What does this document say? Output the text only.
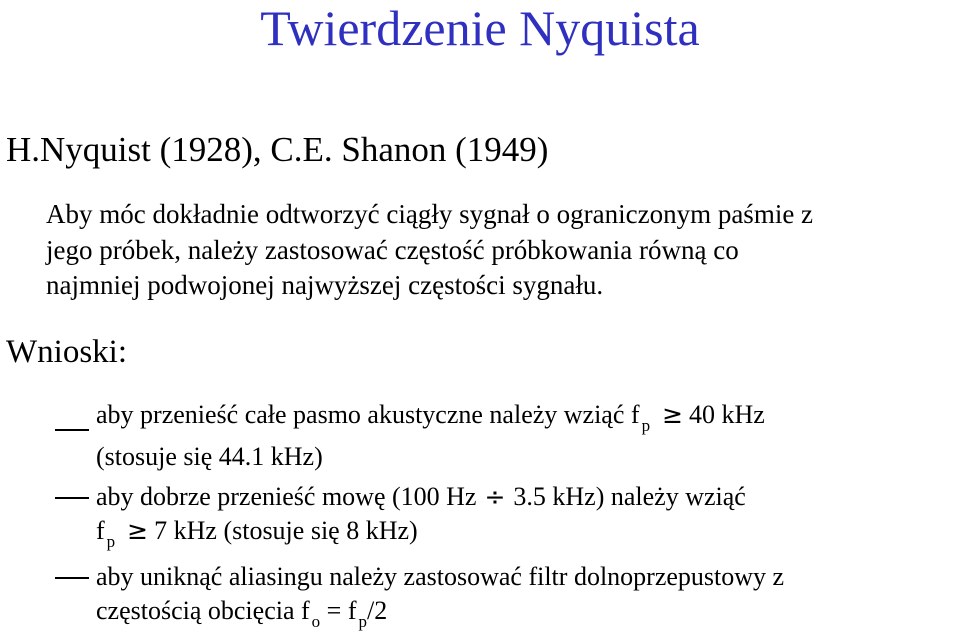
Twierdzenie Nyquista
H.Nyquist (1928), C.E. Shanon (1949)
Aby móc dokładnie odtworzyć ciągły sygnał o ograniczonym paśmie z
jego próbek, należy zastosować częstość próbkowania równą co
najmniej podwojonej najwyższej częstości sygnału.
Wnioski:
aby przenieść całe pasmo akustyczne należy wziąć f $_p$ ≥ 40 kHz
(stosuje się 44.1 kHz)
aby dobrze przenieść mowę (100 Hz ÷ 3.5 kHz) należy wziąć
f $_p$ ≥ 7 kHz (stosuje się 8 kHz)
aby uniknąć aliasingu należy zastosować filtr dolnoprzepustowy z
częstością obcięcia f $_o$ = f $_p$/2
